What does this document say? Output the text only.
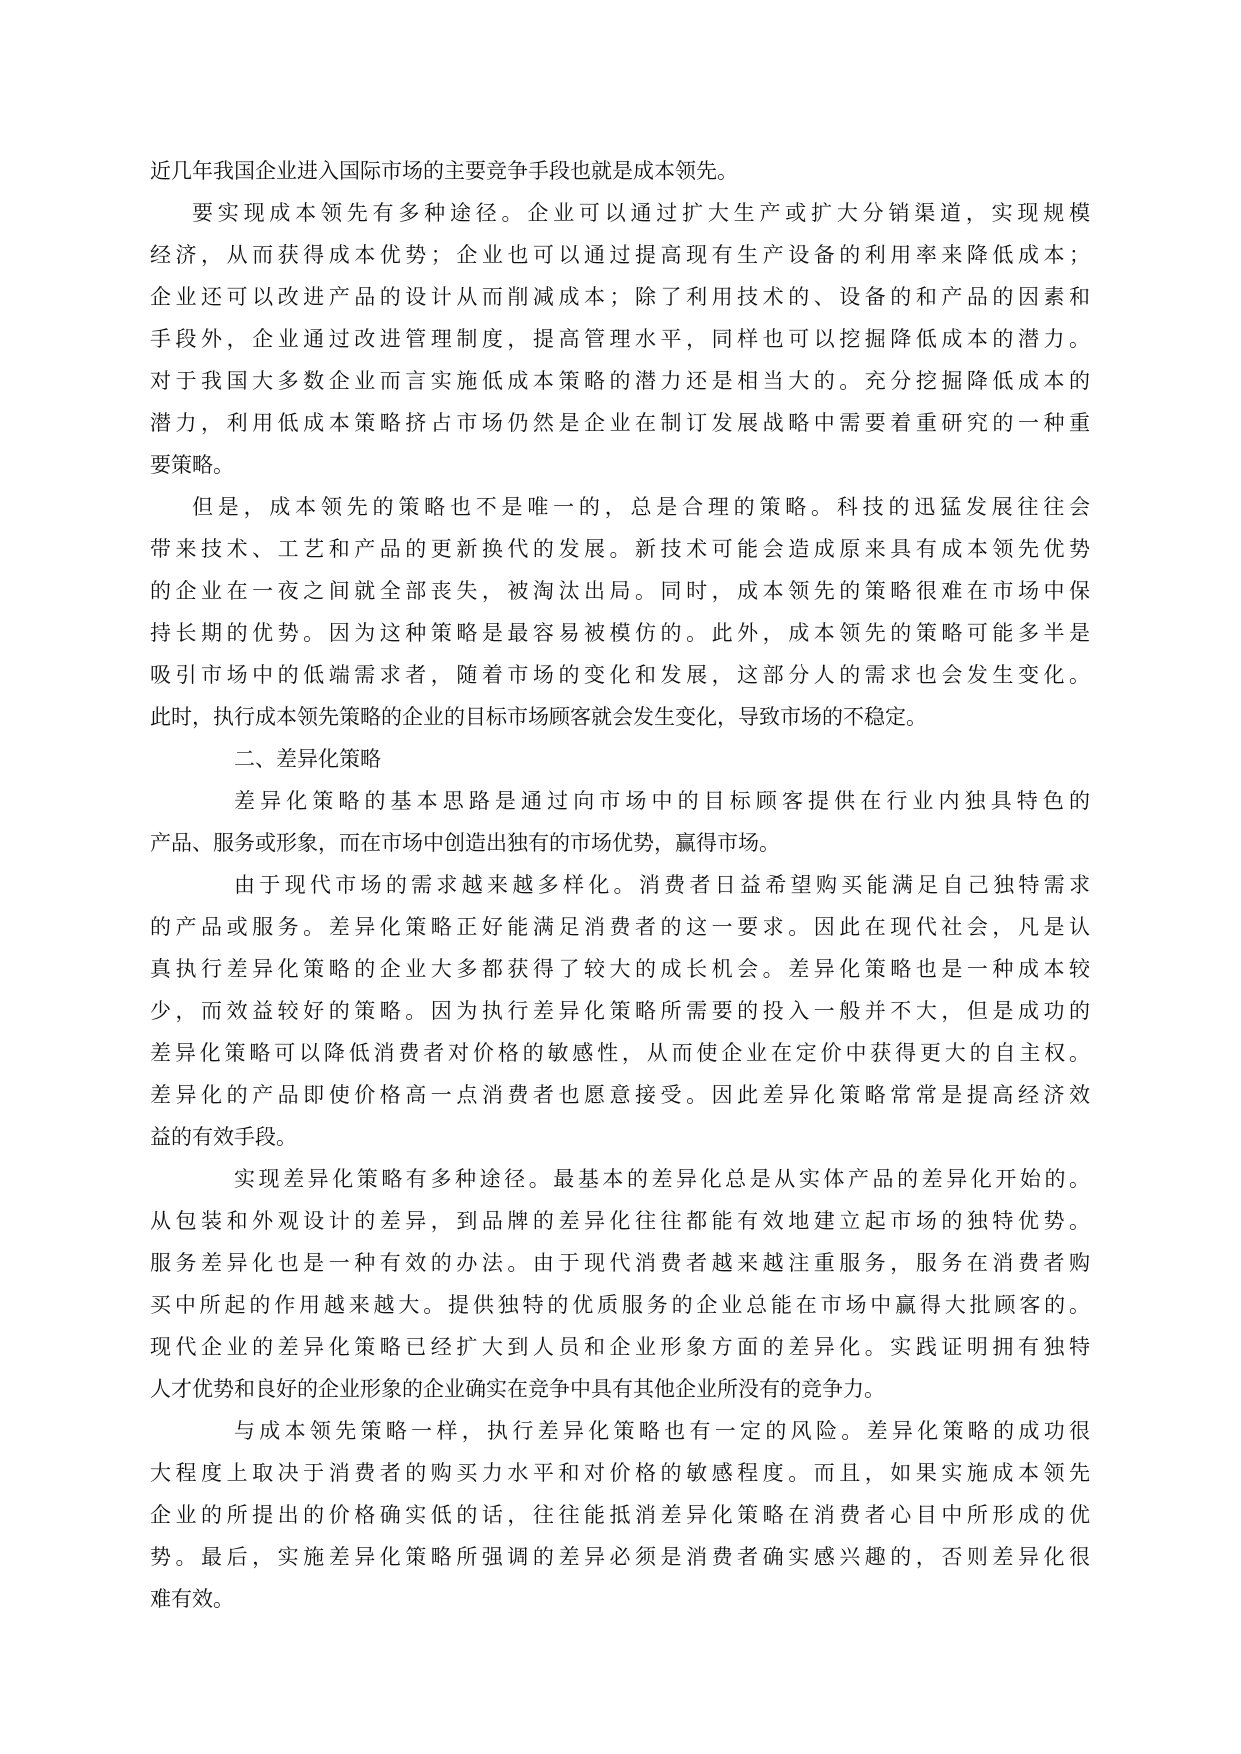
近几年我国企业进入国际市场的主要竞争手段也就是成本领先。
要实现成本领先有多种途径。企业可以通过扩大生产或扩大分销渠道，实现规模
经济，从而获得成本优势；企业也可以通过提高现有生产设备的利用率来降低成本；
企业还可以改进产品的设计从而削减成本；除了利用技术的、设备的和产品的因素和
手段外，企业通过改进管理制度，提高管理水平，同样也可以挖掘降低成本的潜力。
对于我国大多数企业而言实施低成本策略的潜力还是相当大的。充分挖掘降低成本的
潜力，利用低成本策略挤占市场仍然是企业在制订发展战略中需要着重研究的一种重
要策略。
但是，成本领先的策略也不是唯一的，总是合理的策略。科技的迅猛发展往往会
带来技术、工艺和产品的更新换代的发展。新技术可能会造成原来具有成本领先优势
的企业在一夜之间就全部丧失，被淘汰出局。同时，成本领先的策略很难在市场中保
持长期的优势。因为这种策略是最容易被模仿的。此外，成本领先的策略可能多半是
吸引市场中的低端需求者，随着市场的变化和发展，这部分人的需求也会发生变化。
此时，执行成本领先策略的企业的目标市场顾客就会发生变化，导致市场的不稳定。
二、差异化策略
差异化策略的基本思路是通过向市场中的目标顾客提供在行业内独具特色的
产品、服务或形象，而在市场中创造出独有的市场优势，赢得市场。
由于现代市场的需求越来越多样化。消费者日益希望购买能满足自己独特需求
的产品或服务。差异化策略正好能满足消费者的这一要求。因此在现代社会，凡是认
真执行差异化策略的企业大多都获得了较大的成长机会。差异化策略也是一种成本较
少，而效益较好的策略。因为执行差异化策略所需要的投入一般并不大，但是成功的
差异化策略可以降低消费者对价格的敏感性，从而使企业在定价中获得更大的自主权。
差异化的产品即使价格高一点消费者也愿意接受。因此差异化策略常常是提高经济效
益的有效手段。
实现差异化策略有多种途径。最基本的差异化总是从实体产品的差异化开始的。
从包装和外观设计的差异，到品牌的差异化往往都能有效地建立起市场的独特优势。
服务差异化也是一种有效的办法。由于现代消费者越来越注重服务，服务在消费者购
买中所起的作用越来越大。提供独特的优质服务的企业总能在市场中赢得大批顾客的。
现代企业的差异化策略已经扩大到人员和企业形象方面的差异化。实践证明拥有独特
人才优势和良好的企业形象的企业确实在竞争中具有其他企业所没有的竞争力。
与成本领先策略一样，执行差异化策略也有一定的风险。差异化策略的成功很
大程度上取决于消费者的购买力水平和对价格的敏感程度。而且，如果实施成本领先
企业的所提出的价格确实低的话，往往能抵消差异化策略在消费者心目中所形成的优
势。最后，实施差异化策略所强调的差异必须是消费者确实感兴趣的，否则差异化很
难有效。
